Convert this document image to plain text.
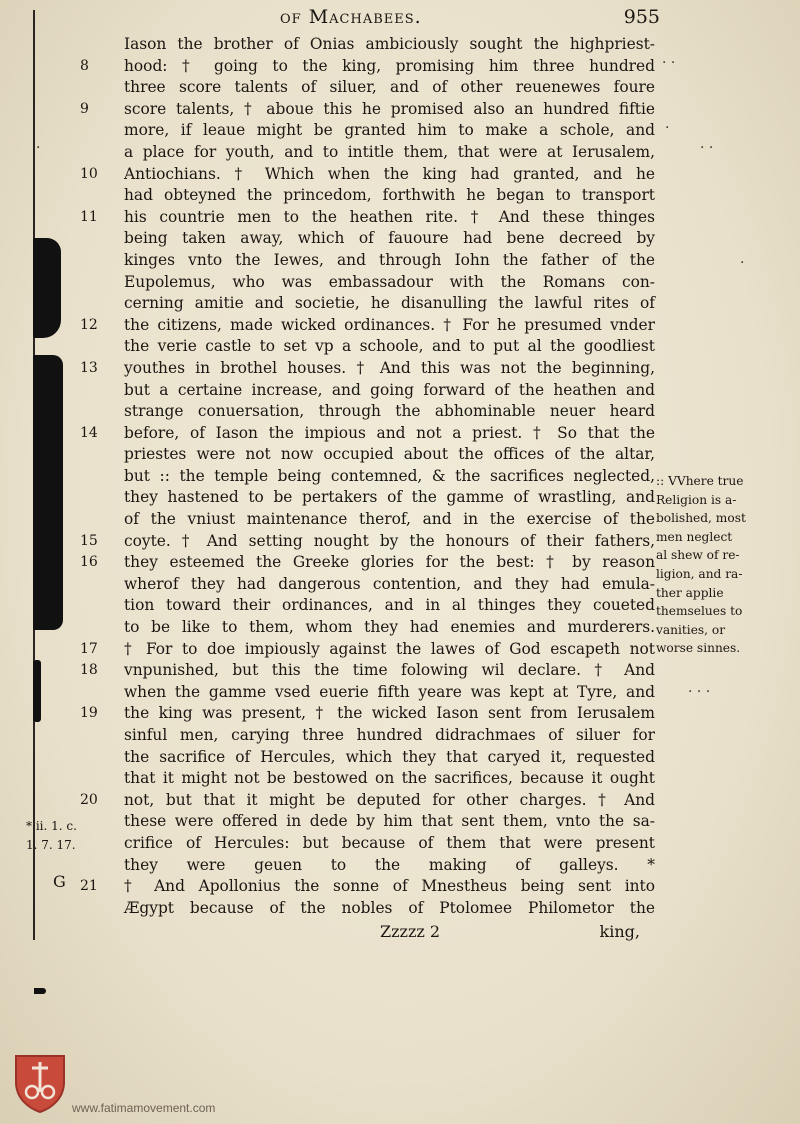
of Machabees.	955
Iason the brother of Onias ambiciously sought the highpriest-
8	hood: † going to the king, promising him three hundred
three score talents of siluer, and of other reuenewes foure
9	score talents, † aboue this he promised also an hundred fiftie
more, if leaue might be granted him to make a schole, and
a place for youth, and to intitle them, that were at Ierusalem,
10	Antiochians. † Which when the king had granted, and he
had obteyned the princedom, forthwith he began to transport
11	his countrie men to the heathen rite. † And these thinges
being taken away, which of fauoure had bene decreed by
kinges vnto the Iewes, and through Iohn the father of the
Eupolemus, who was embassadour with the Romans con-
cerning amitie and societie, he disanulling the lawful rites of
12	the citizens, made wicked ordinances. † For he presumed vnder
the verie castle to set vp a schoole, and to put al the goodliest
13	youthes in brothel houses. † And this was not the beginning,
but a certaine increase, and going forward of the heathen and
strange conuersation, through the abhominable neuer heard
14	before, of Iason the impious and not a priest. † So that the
priestes were not now occupied about the offices of the altar,
but :: the temple being contemned, & the sacrifices neglected,
they hastened to be pertakers of the gamme of wrastling, and
of the vniust maintenance therof, and in the exercise of the
15	coyte. † And setting nought by the honours of their fathers,
16	they esteemed the Greeke glories for the best: † by reason
wherof they had dangerous contention, and they had emula-
tion toward their ordinances, and in al thinges they coueted
to be like to them, whom they had enemies and murderers.
17	† For to doe impiously against the lawes of God escapeth not
18	vnpunished, but this the time folowing wil declare. † And
when the gamme vsed euerie fifth yeare was kept at Tyre, and
19	the king was present, † the wicked Iason sent from Ierusalem
sinful men, carying three hundred didrachmaes of siluer for
the sacrifice of Hercules, which they that caryed it, requested
that it might not be bestowed on the sacrifices, because it ought
20	not, but that it might be deputed for other charges. † And
these were offered in dede by him that sent them, vnto the sa-
crifice of Hercules: but because of them that were present
they were geuen to the making of galleys. *
21	† And Apollonius the sonne of Mnestheus being sent into
Ægypt because of the nobles of Ptolomee Philometor the
:: VVhere true
Religion is a-
bolished, most
men neglect
al shew of re-
ligion, and ra-
ther applie
themselues to
vanities, or
worse sinnes.
* ii. 1. c.
1. 7. 17.
G
Zzzzz 2	king,
· ·
·
· ·
·
· · ·
·
www.fatimamovement.com
